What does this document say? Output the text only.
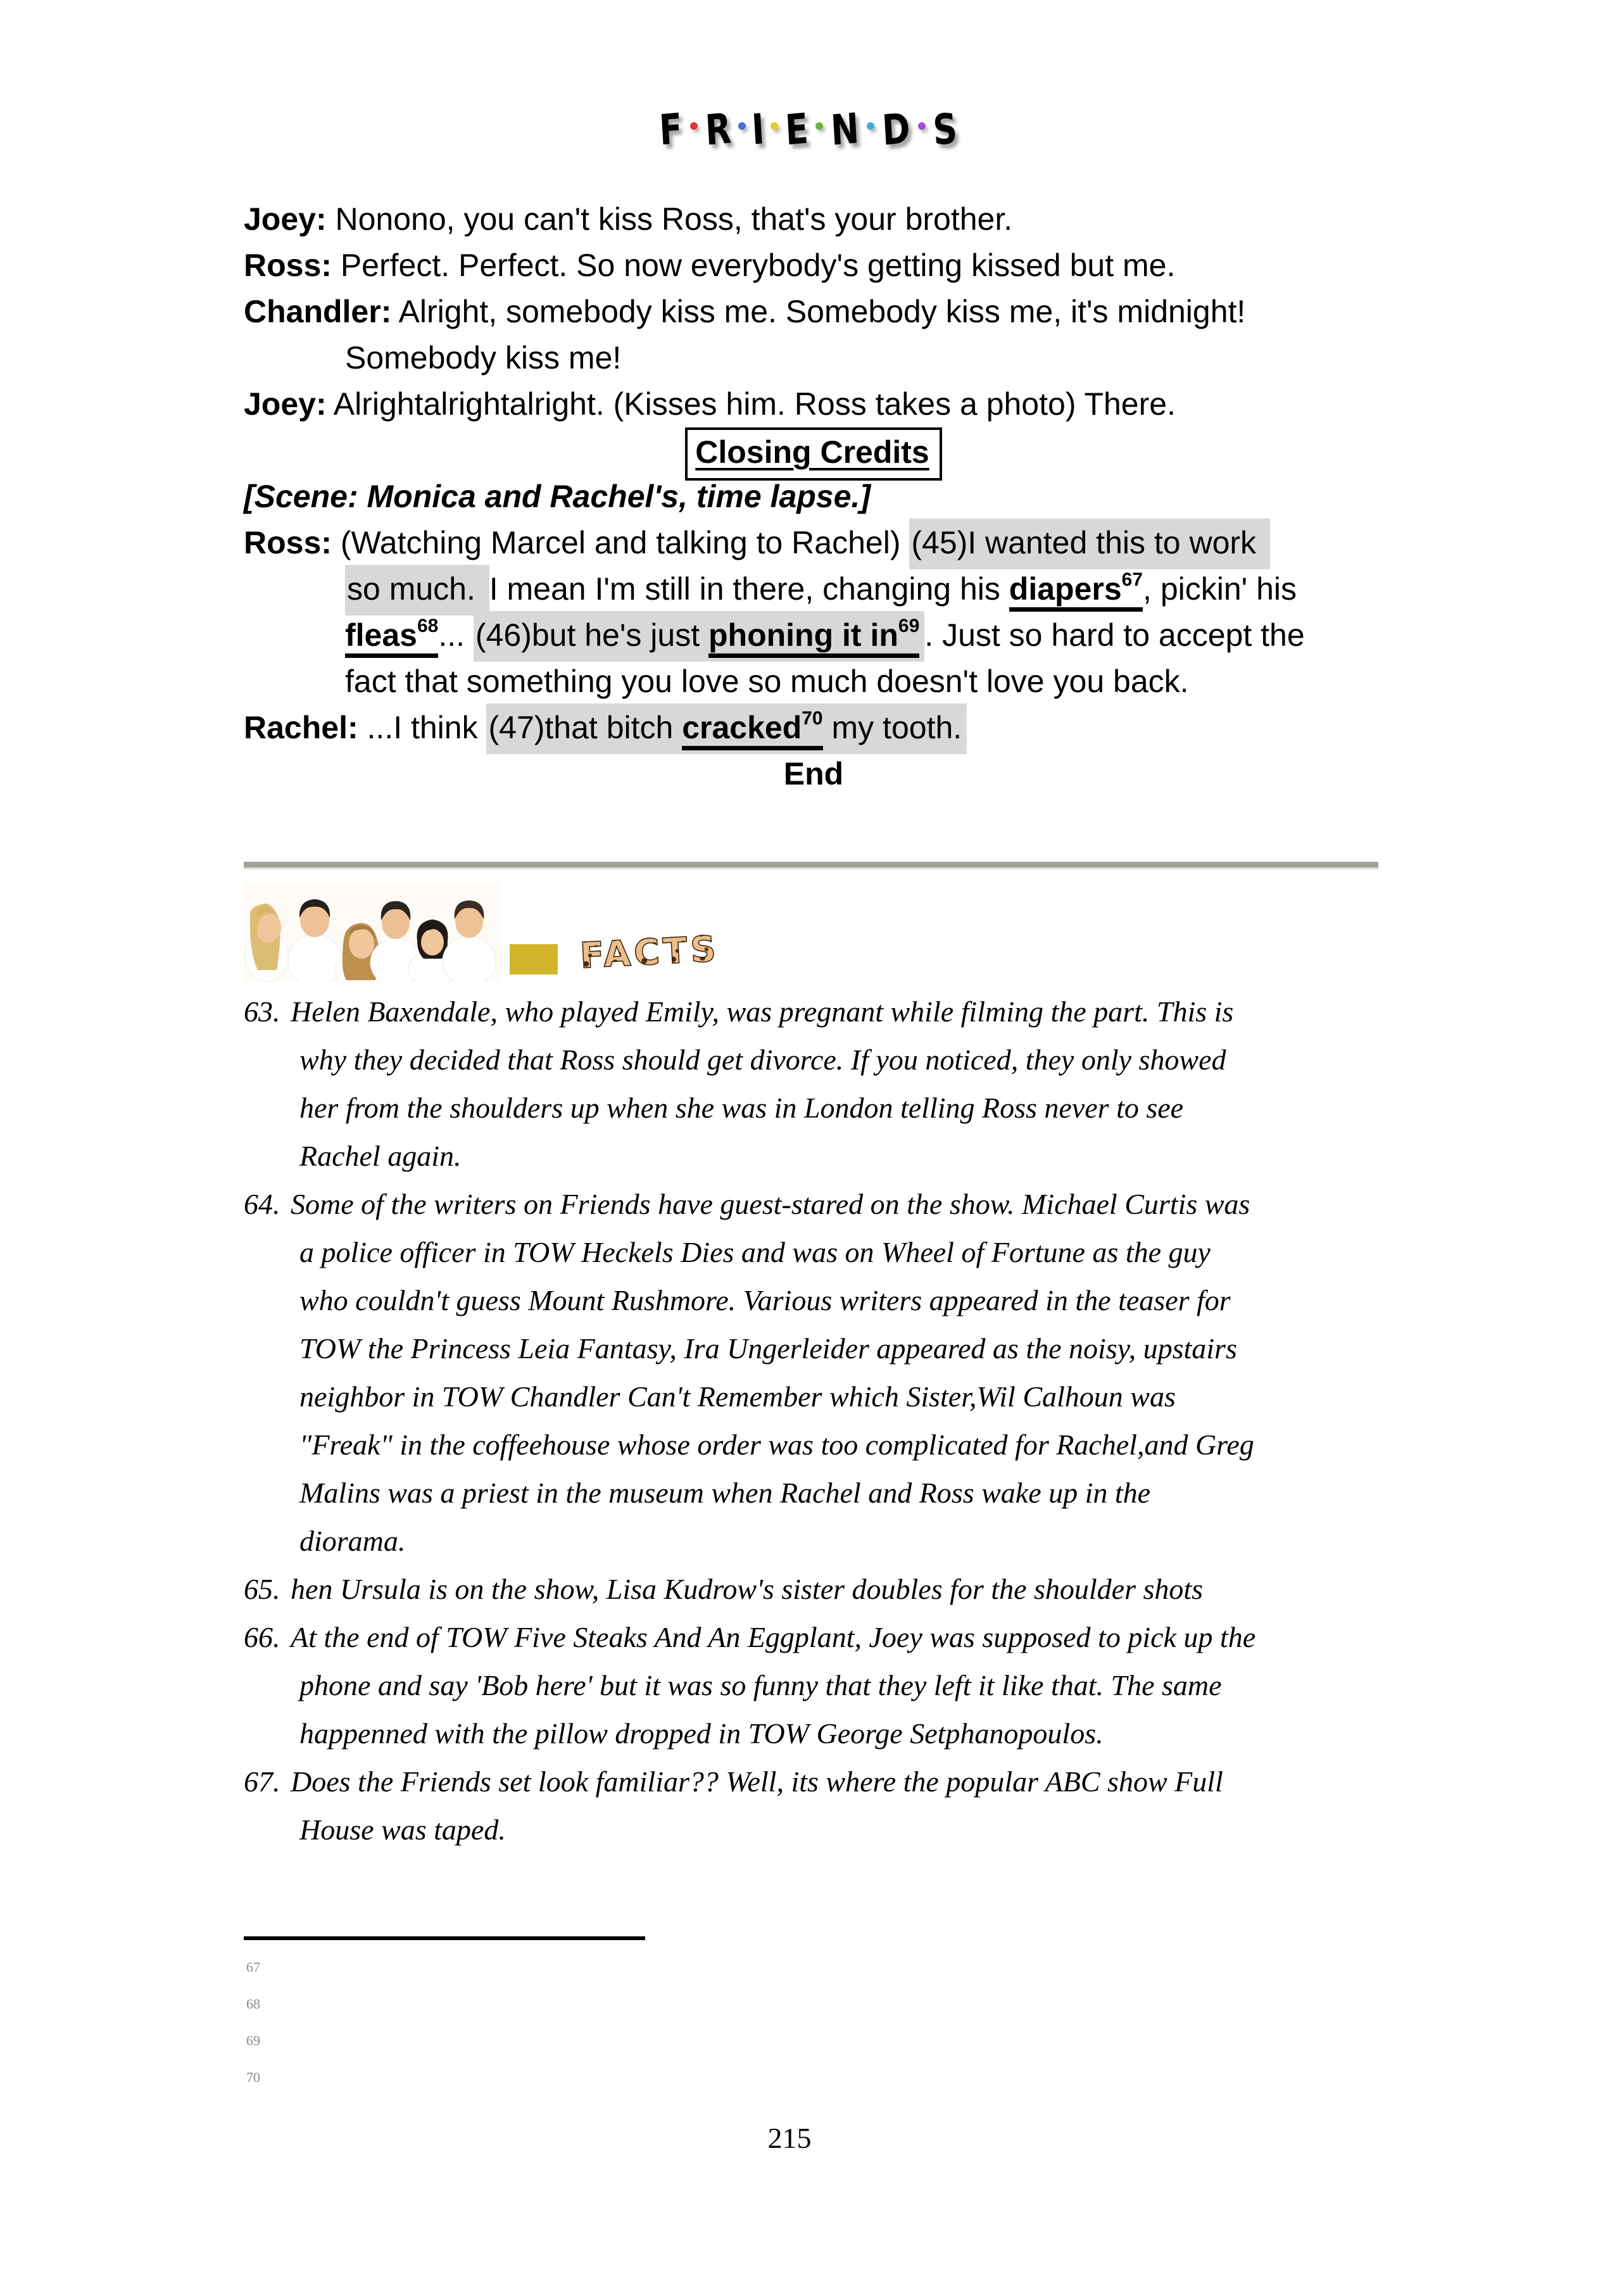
F R I E N D S
Joey: Nonono, you can't kiss Ross, that's your brother.
Ross: Perfect. Perfect. So now everybody's getting kissed but me.
Chandler: Alright, somebody kiss me. Somebody kiss me, it's midnight!
Somebody kiss me!
Joey: Alrightalrightalright. (Kisses him. Ross takes a photo) There.
Closing Credits
[Scene: Monica and Rachel's, time lapse.]
Ross: (Watching Marcel and talking to Rachel) (45)I wanted this to work
so much. I mean I'm still in there, changing his diapers$^{67}$, pickin' his
fleas$^{68}$... (46)but he's just phoning it $in^{69}$ . Just so hard to accept the
fact that something you love so much doesn't love you back.
Rachel: ...I think (47)that bitch cracked$^{70}$ my tooth.
End
FACTS
63. Helen Baxendale, who played Emily, was pregnant while filming the part. This is
why they decided that Ross should get divorce. If you noticed, they only showed
her from the shoulders up when she was in London telling Ross never to see
Rachel again.
64. Some of the writers on Friends have guest-stared on the show. Michael Curtis was
a police officer in TOW Heckels Dies and was on Wheel of Fortune as the guy
who couldn't guess Mount Rushmore. Various writers appeared in the teaser for
TOW the Princess Leia Fantasy, Ira Ungerleider appeared as the noisy, upstairs
neighbor in TOW Chandler Can't Remember which Sister,Wil Calhoun was
"Freak" in the coffeehouse whose order was too complicated for Rachel,and Greg
Malins was a priest in the museum when Rachel and Ross wake up in the
diorama.
65. hen Ursula is on the show, Lisa Kudrow's sister doubles for the shoulder shots
66. At the end of TOW Five Steaks And An Eggplant, Joey was supposed to pick up the
phone and say 'Bob here' but it was so funny that they left it like that. The same
happenned with the pillow dropped in TOW George Setphanopoulos.
67. Does the Friends set look familiar?? Well, its where the popular ABC show Full
House was taped.
67
68
69
70
215
